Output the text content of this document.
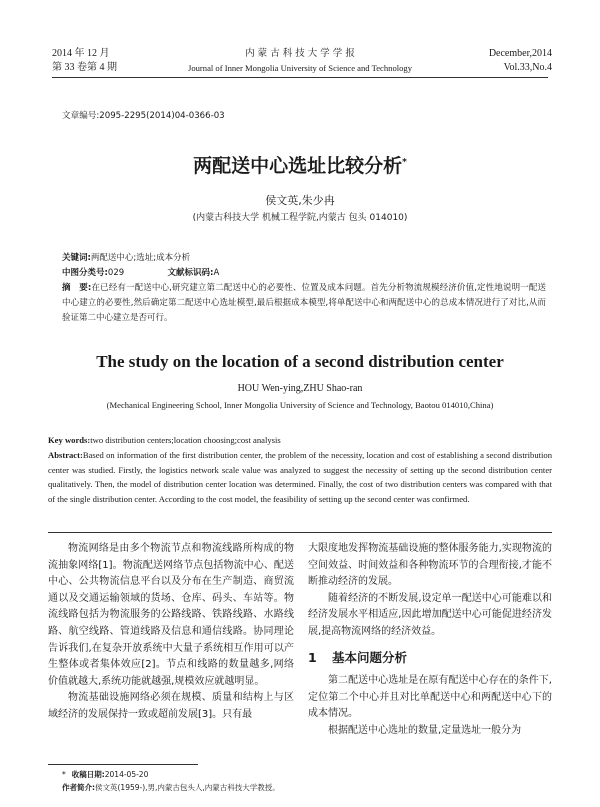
2014 年 12 月
第 33 卷第 4 期
内 蒙 古 科 技 大 学 学 报
Journal of Inner Mongolia University of Science and Technology
December,2014
Vol.33,No.4
文章编号:2095-2295(2014)04-0366-03
两配送中心选址比较分析*
侯文英,朱少冉
(内蒙古科技大学 机械工程学院,内蒙古 包头 014010)
关键词:两配送中心;选址;成本分析
中图分类号:029	文献标识码:A
摘　要:在已经有一配送中心,研究建立第二配送中心的必要性、位置及成本问题。首先分析物流规模经济价值,定性地说明一配送中心建立的必要性,然后确定第二配送中心选址模型,最后根据成本模型,将单配送中心和两配送中心的总成本情况进行了对比,从而验证第二中心建立是否可行。
The study on the location of a second distribution center
HOU Wen-ying,ZHU Shao-ran
(Mechanical Engineering School, Inner Mongolia University of Science and Technology, Baotou 014010,China)
Key words:two distribution centers;location choosing;cost analysis
Abstract:Based on information of the first distribution center, the problem of the necessity, location and cost of establishing a second distribution center was studied. Firstly, the logistics network scale value was analyzed to suggest the necessity of setting up the second distribution center qualitatively. Then, the model of distribution center location was determined. Finally, the cost of two distribution centers was compared with that of the single distribution center. According to the cost model, the feasibility of setting up the second center was confirmed.

物流网络是由多个物流节点和物流线路所构成的物流抽象网络[1]。物流配送网络节点包括物流中心、配送中心、公共物流信息平台以及分布在生产制造、商贸流通以及交通运输领域的货场、仓库、码头、车站等。物流线路包括为物流服务的公路线路、铁路线路、水路线路、航空线路、管道线路及信息和通信线路。协同理论告诉我们,在复杂开放系统中大量子系统相互作用可以产生整体或者集体效应[2]。节点和线路的数量越多,网络价值就越大,系统功能就越强,规模效应就越明显。

物流基础设施网络必须在规模、质量和结构上与区域经济的发展保持一致或超前发展[3]。只有最

大限度地发挥物流基础设施的整体服务能力,实现物流的空间效益、时间效益和各种物流环节的合理衔接,才能不断推动经济的发展。

随着经济的不断发展,设定单一配送中心可能难以和经济发展水平相适应,因此增加配送中心可能促进经济发展,提高物流网络的经济效益。

1 基本问题分析

第二配送中心选址是在原有配送中心存在的条件下,定位第二个中心并且对比单配送中心和两配送中心下的成本情况。

根据配送中心选址的数量,定量选址一般分为

* 收稿日期:2014-05-20
作者简介:侯文英(1959-),男,内蒙古包头人,内蒙古科技大学教授。
